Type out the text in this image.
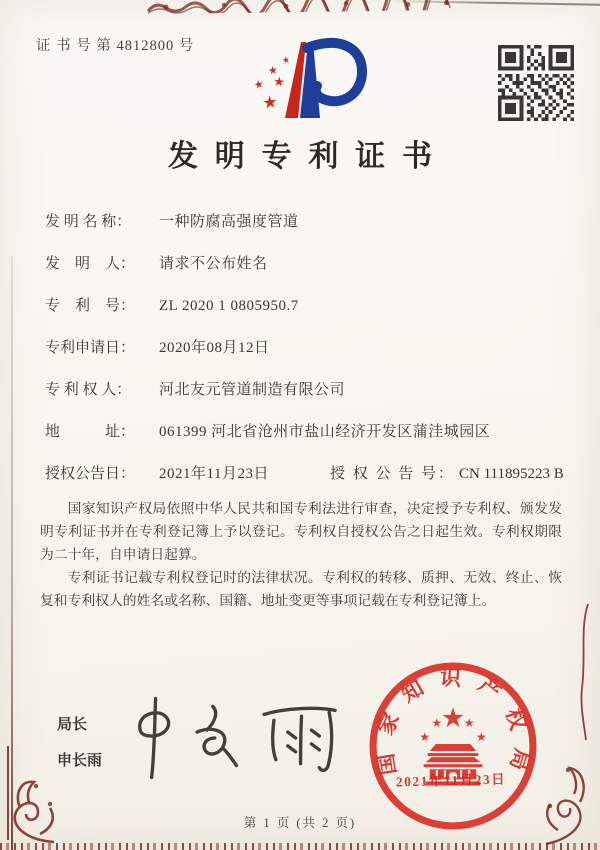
证 书 号 第 4812800 号
★
★
★ ★
★
发明专利证书
发 明 名 称：	一种防腐高强度管道
发　明　人：	请求不公布姓名
专　利　号：	ZL 2020 1 0805950.7
专利申请日：	2020年08月12日
专 利 权 人：	河北友元管道制造有限公司
地　　　址：	061399 河北省沧州市盐山经济开发区蒲洼城园区
授权公告日：	2021年11月23日	授 权 公 告 号： CN 111895223 B

国家知识产权局依照中华人民共和国专利法进行审查，决定授予专利权、颁发发明专利证书并在专利登记簿上予以登记。专利权自授权公告之日起生效。专利权期限为二十年，自申请日起算。

专利证书记载专利权登记时的法律状况。专利权的转移、质押、无效、终止、恢复和专利权人的姓名或名称、国籍、地址变更等事项记载在专利登记簿上。

局长
申长雨	国家知识产权局
★
★
★ ★
★
2021年11月23日
第 1 页 (共 2 页)
